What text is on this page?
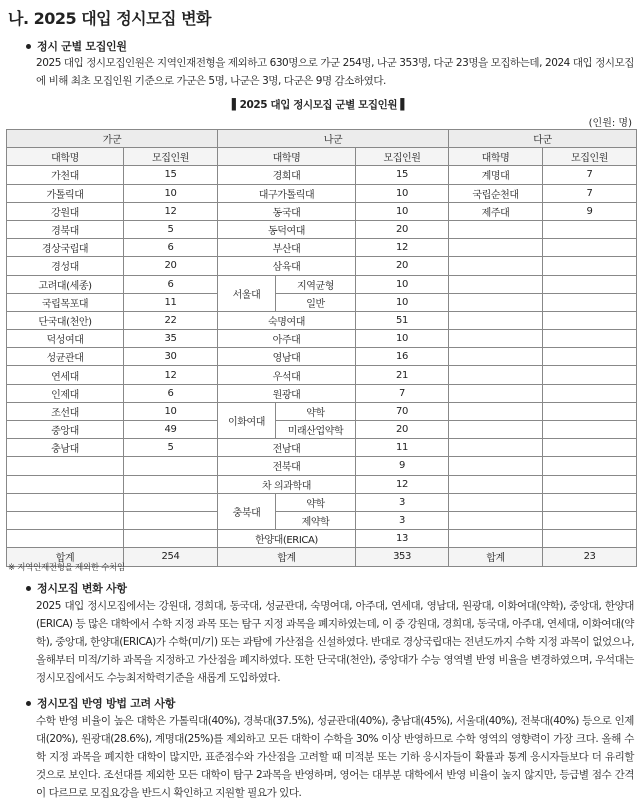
나. 2025 대입 정시모집 변화
정시 군별 모집인원
2025 대입 정시모집인원은 지역인재전형을 제외하고 630명으로 가군 254명, 나군 353명, 다군 23명을 모집하는데, 2024 대입 정시모집에 비해 최초 모집인원 기준으로 가군은 5명, 나군은 3명, 다군은 9명 감소하였다.
▌2025 대입 정시모집 군별 모집인원 ▌
(인원: 명)
가군		나군			다군	
대학명	모집인원	대학명		모집인원	대학명	모집인원
가천대	15	경희대		15	계명대	7
가톨릭대	10	대구가톨릭대		10	국립순천대	7
강원대	12	동국대		10	제주대	9
경북대	5	동덕여대		20		
경상국립대	6	부산대		12		
경성대	20	삼육대		20		
고려대(세종)	6	서울대	지역균형	10		
국립목포대	11		일반	10		
단국대(천안)	22	숙명여대		51		
덕성여대	35	아주대		10		
성균관대	30	영남대		16		
연세대	12	우석대		21		
인제대	6	원광대		7		
조선대	10	이화여대	약학	70		
중앙대	49		미래산업약학	20		
충남대	5	전남대		11		
		전북대		9		
		차 의과학대		12		
		충북대	약학	3		
			제약학	3		
		한양대(ERICA)		13		
합계	254	합계		353	합계	23
※ 지역인재전형을 제외한 수치임
정시모집 변화 사항
2025 대입 정시모집에서는 강원대, 경희대, 동국대, 성균관대, 숙명여대, 아주대, 연세대, 영남대, 원광대, 이화여대(약학), 중앙대, 한양대(ERICA) 등 많은 대학에서 수학 지정 과목 또는 탐구 지정 과목을 폐지하였는데, 이 중 강원대, 경희대, 동국대, 아주대, 연세대, 이화여대(약학), 중앙대, 한양대(ERICA)가 수학(미/기) 또는 과탐에 가산점을 신설하였다. 반대로 경상국립대는 전년도까지 수학 지정 과목이 없었으나, 올해부터 미적/기하 과목을 지정하고 가산점을 폐지하였다. 또한 단국대(천안), 중앙대가 수능 영역별 반영 비율을 변경하였으며, 우석대는 정시모집에서도 수능최저학력기준을 새롭게 도입하였다.
정시모집 반영 방법 고려 사항
수학 반영 비율이 높은 대학은 가톨릭대(40%), 경북대(37.5%), 성균관대(40%), 충남대(45%), 서울대(40%), 전북대(40%) 등으로 인제대(20%), 원광대(28.6%), 계명대(25%)를 제외하고 모든 대학이 수학을 30% 이상 반영하므로 수학 영역의 영향력이 가장 크다. 올해 수학 지정 과목을 폐지한 대학이 많지만, 표준점수와 가산점을 고려할 때 미적분 또는 기하 응시자들이 확률과 통계 응시자들보다 더 유리할 것으로 보인다. 조선대를 제외한 모든 대학이 탐구 2과목을 반영하며, 영어는 대부분 대학에서 반영 비율이 높지 않지만, 등급별 점수 간격이 다르므로 모집요강을 반드시 확인하고 지원할 필요가 있다.
